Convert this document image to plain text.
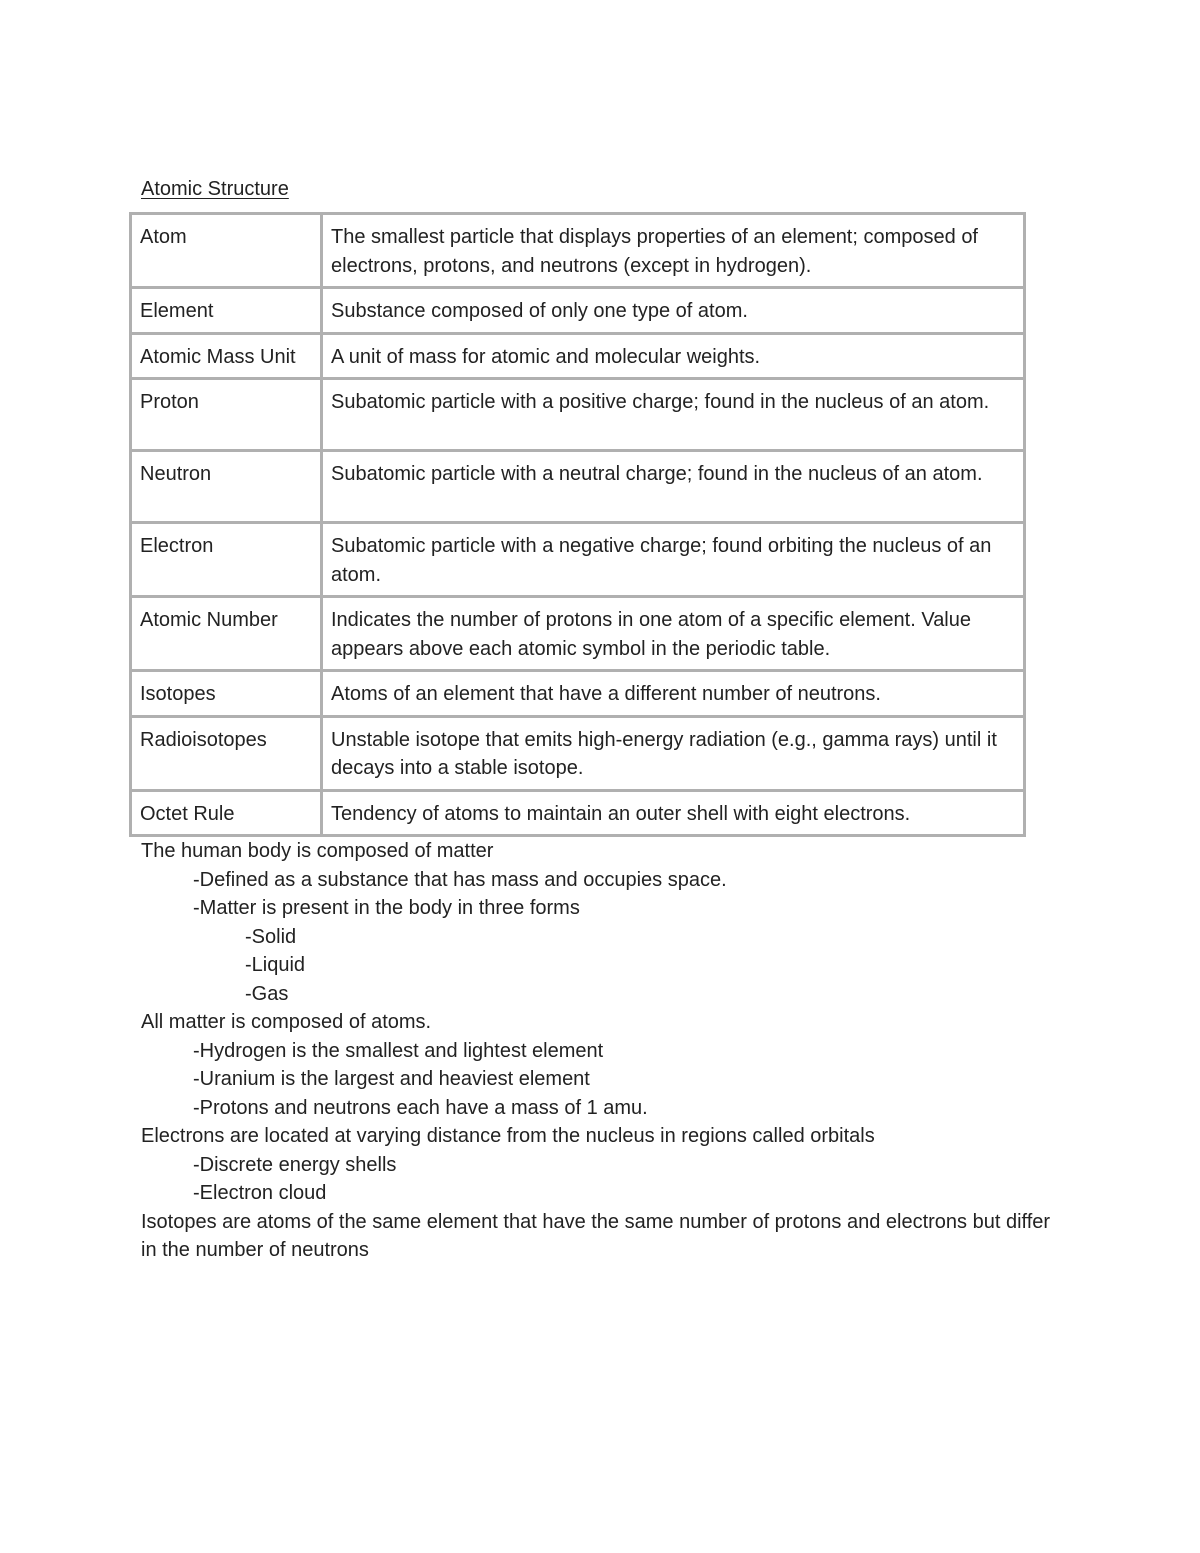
Atomic Structure
Atom	The smallest particle that displays properties of an element; composed of electrons, protons, and neutrons (except in hydrogen).
Element	Substance composed of only one type of atom.
Atomic Mass Unit	A unit of mass for atomic and molecular weights.
Proton	Subatomic particle with a positive charge; found in the nucleus of an atom.
Neutron	Subatomic particle with a neutral charge; found in the nucleus of an atom.
Electron	Subatomic particle with a negative charge; found orbiting the nucleus of an atom.
Atomic Number	Indicates the number of protons in one atom of a specific element. Value appears above each atomic symbol in the periodic table.
Isotopes	Atoms of an element that have a different number of neutrons.
Radioisotopes	Unstable isotope that emits high-energy radiation (e.g., gamma rays) until it decays into a stable isotope.
Octet Rule	Tendency of atoms to maintain an outer shell with eight electrons.
The human body is composed of matter
-Defined as a substance that has mass and occupies space.
-Matter is present in the body in three forms
-Solid
-Liquid
-Gas
All matter is composed of atoms.
-Hydrogen is the smallest and lightest element
-Uranium is the largest and heaviest element
-Protons and neutrons each have a mass of 1 amu.
Electrons are located at varying distance from the nucleus in regions called orbitals
-Discrete energy shells
-Electron cloud
Isotopes are atoms of the same element that have the same number of protons and electrons but differ in the number of neutrons
